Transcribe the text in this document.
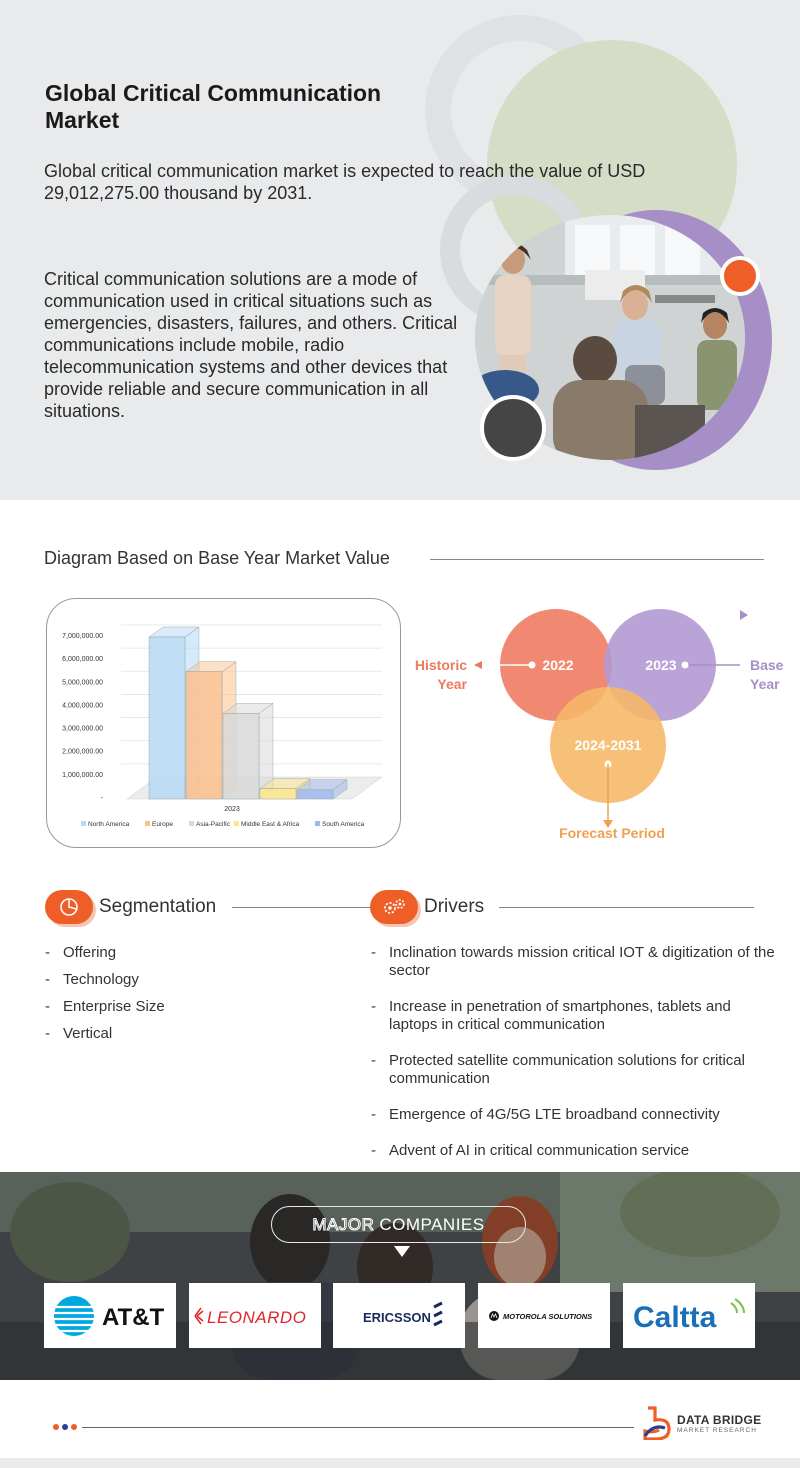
Global Critical Communication Market

Global critical communication market is expected to reach the value of USD 29,012,275.00 thousand by 2031.

Critical communication solutions are a mode of communication used in critical situations such as emergencies, disasters, failures, and others. Critical communications include mobile, radio telecommunication systems and other devices that provide reliable and secure communication in all situations.

Diagram Based on Base Year Market Value
7,000,000.00
6,000,000.00
5,000,000.00
4,000,000.00
3,000,000.00
2,000,000.00
1,000,000.00
-
2023
North America	Europe	Asia-Pacific Middle East & Africa	South America
2022
Historic
Year
2023	Base
Year
2024-2031
Forecast Period
Segmentation
- Offering
- Technology
- Enterprise Size
- Vertical
Drivers
- Inclination towards mission critical IOT & digitization of the sector
- Increase in penetration of smartphones, tablets and laptops in critical communication
- Protected satellite communication solutions for critical communication
- Emergence of 4G/5G LTE broadband connectivity
- Advent of AI in critical communication service
MAJOR COMPANIES
AT&T	LEONARDO	ERICSSON	MOTOROLA SOLUTIONS Caltta
DATA BRIDGE
MARKET RESEARCH
